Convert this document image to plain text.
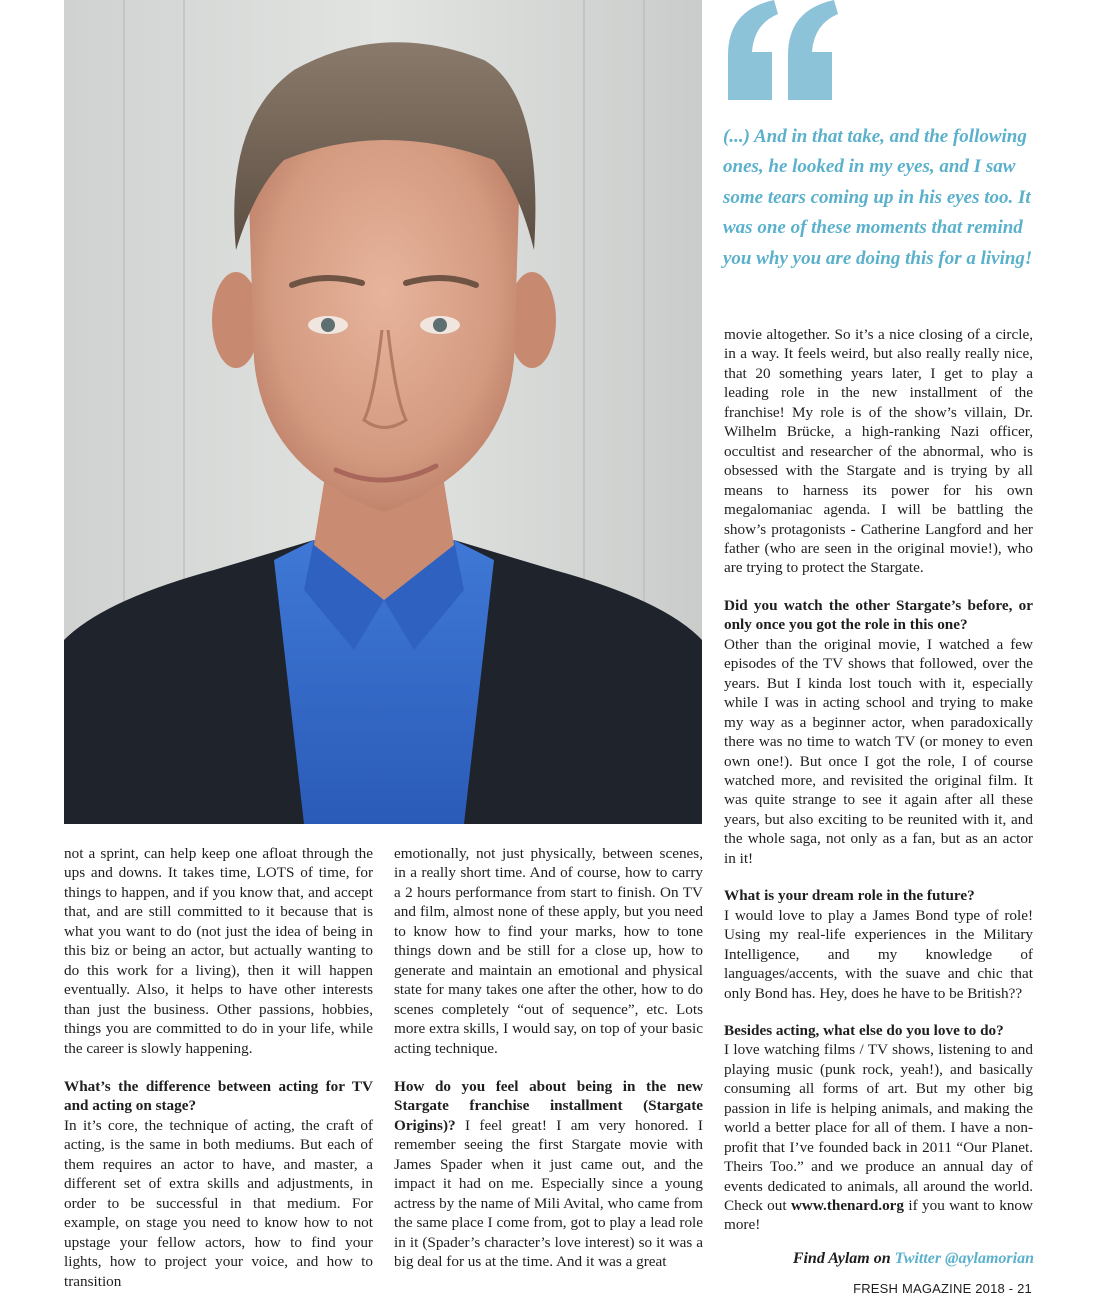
(...) And in that take, and the following ones, he looked in my eyes, and I saw some tears coming up in his eyes too. It was one of these moments that remind you why you are doing this for a living!

not a sprint, can help keep one afloat through the ups and downs. It takes time, LOTS of time, for things to happen, and if you know that, and accept that, and are still committed to it because that is what you want to do (not just the idea of being in this biz or being an actor, but actually wanting to do this work for a living), then it will happen eventually. Also, it helps to have other interests than just the business. Other passions, hobbies, things you are committed to do in your life, while the career is slowly happening.

What’s the difference between acting for TV and acting on stage?

In it’s core, the technique of acting, the craft of acting, is the same in both mediums. But each of them requires an actor to have, and master, a different set of extra skills and adjustments, in order to be successful in that medium. For example, on stage you need to know how to not upstage your fellow actors, how to find your lights, how to project your voice, and how to transition

emotionally, not just physically, between scenes, in a really short time. And of course, how to carry a 2 hours performance from start to finish. On TV and film, almost none of these apply, but you need to know how to find your marks, how to tone things down and be still for a close up, how to generate and maintain an emotional and physical state for many takes one after the other, how to do scenes completely “out of sequence”, etc. Lots more extra skills, I would say, on top of your basic acting technique.

How do you feel about being in the new Stargate franchise installment (Stargate Origins)? I feel great! I am very honored. I remember seeing the first Stargate movie with James Spader when it just came out, and the impact it had on me. Especially since a young actress by the name of Mili Avital, who came from the same place I come from, got to play a lead role in it (Spader’s character’s love interest) so it was a big deal for us at the time. And it was a great

movie altogether. So it’s a nice closing of a circle, in a way. It feels weird, but also really really nice, that 20 something years later, I get to play a leading role in the new installment of the franchise! My role is of the show’s villain, Dr. Wilhelm Brücke, a high-ranking Nazi officer, occultist and researcher of the abnormal, who is obsessed with the Stargate and is trying by all means to harness its power for his own megalomaniac agenda. I will be battling the show’s protagonists - Catherine Langford and her father (who are seen in the original movie!), who are trying to protect the Stargate.

Did you watch the other Stargate’s before, or only once you got the role in this one?

Other than the original movie, I watched a few episodes of the TV shows that followed, over the years. But I kinda lost touch with it, especially while I was in acting school and trying to make my way as a beginner actor, when paradoxically there was no time to watch TV (or money to even own one!). But once I got the role, I of course watched more, and revisited the original film. It was quite strange to see it again after all these years, but also exciting to be reunited with it, and the whole saga, not only as a fan, but as an actor in it!

What is your dream role in the future?

I would love to play a James Bond type of role! Using my real-life experiences in the Military Intelligence, and my knowledge of languages/accents, with the suave and chic that only Bond has. Hey, does he have to be British??

Besides acting, what else do you love to do?

I love watching films / TV shows, listening to and playing music (punk rock, yeah!), and basically consuming all forms of art. But my other big passion in life is helping animals, and making the world a better place for all of them. I have a non-profit that I’ve founded back in 2011 “Our Planet. Theirs Too.” and we produce an annual day of events dedicated to animals, all around the world. Check out www.thenard.org if you want to know more!

Find Aylam on Twitter @aylamorian
FRESH MAGAZINE 2018 - 21
